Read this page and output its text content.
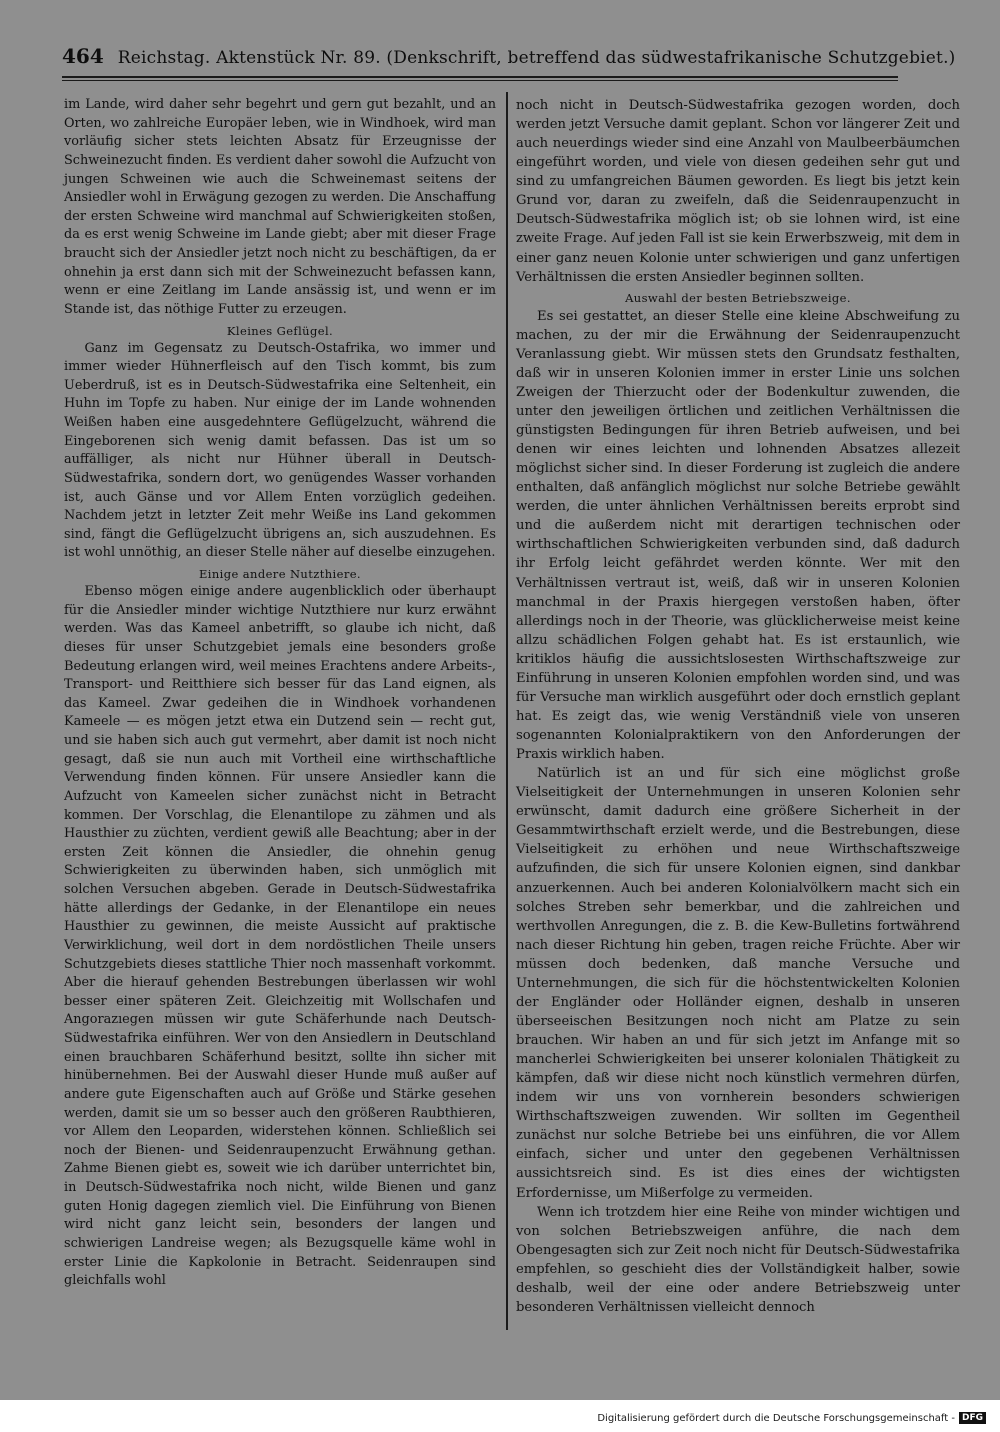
464 Reichstag. Aktenstück Nr. 89. (Denkschrift, betreffend das südwestafrikanische Schutzgebiet.)

im Lande, wird daher sehr begehrt und gern gut bezahlt, und an Orten, wo zahlreiche Europäer leben, wie in Windhoek, wird man vorläufig sicher stets leichten Absatz für Erzeugnisse der Schweinezucht finden. Es verdient daher sowohl die Aufzucht von jungen Schweinen wie auch die Schweinemast seitens der Ansiedler wohl in Erwägung gezogen zu werden. Die Anschaffung der ersten Schweine wird manchmal auf Schwierigkeiten stoßen, da es erst wenig Schweine im Lande giebt; aber mit dieser Frage braucht sich der Ansiedler jetzt noch nicht zu beschäftigen, da er ohnehin ja erst dann sich mit der Schweinezucht befassen kann, wenn er eine Zeitlang im Lande ansässig ist, und wenn er im Stande ist, das nöthige Futter zu erzeugen.

Kleines Geflügel.

Ganz im Gegensatz zu Deutsch-Ostafrika, wo immer und immer wieder Hühnerfleisch auf den Tisch kommt, bis zum Ueberdruß, ist es in Deutsch-Südwestafrika eine Seltenheit, ein Huhn im Topfe zu haben. Nur einige der im Lande wohnenden Weißen haben eine ausgedehntere Geflügelzucht, während die Eingeborenen sich wenig damit befassen. Das ist um so auffälliger, als nicht nur Hühner überall in Deutsch-Südwestafrika, sondern dort, wo genügendes Wasser vorhanden ist, auch Gänse und vor Allem Enten vorzüglich gedeihen. Nachdem jetzt in letzter Zeit mehr Weiße ins Land gekommen sind, fängt die Geflügelzucht übrigens an, sich auszudehnen. Es ist wohl unnöthig, an dieser Stelle näher auf dieselbe einzugehen.

Einige andere Nutzthiere.

Ebenso mögen einige andere augenblicklich oder überhaupt für die Ansiedler minder wichtige Nutzthiere nur kurz erwähnt werden. Was das Kameel anbetrifft, so glaube ich nicht, daß dieses für unser Schutzgebiet jemals eine besonders große Bedeutung erlangen wird, weil meines Erachtens andere Arbeits-, Transport- und Reitthiere sich besser für das Land eignen, als das Kameel. Zwar gedeihen die in Windhoek vorhandenen Kameele — es mögen jetzt etwa ein Dutzend sein — recht gut, und sie haben sich auch gut vermehrt, aber damit ist noch nicht gesagt, daß sie nun auch mit Vortheil eine wirthschaftliche Verwendung finden können. Für unsere Ansiedler kann die Aufzucht von Kameelen sicher zunächst nicht in Betracht kommen. Der Vorschlag, die Elenantilope zu zähmen und als Hausthier zu züchten, verdient gewiß alle Beachtung; aber in der ersten Zeit können die Ansiedler, die ohnehin genug Schwierigkeiten zu überwinden haben, sich unmöglich mit solchen Versuchen abgeben. Gerade in Deutsch-Südwestafrika hätte allerdings der Gedanke, in der Elenantilope ein neues Hausthier zu gewinnen, die meiste Aussicht auf praktische Verwirklichung, weil dort in dem nordöstlichen Theile unsers Schutzgebiets dieses stattliche Thier noch massenhaft vorkommt. Aber die hierauf gehenden Bestrebungen überlassen wir wohl besser einer späteren Zeit. Gleichzeitig mit Wollschafen und Angorazıegen müssen wir gute Schäferhunde nach Deutsch-Südwestafrika einführen. Wer von den Ansiedlern in Deutschland einen brauchbaren Schäferhund besitzt, sollte ihn sicher mit hinübernehmen. Bei der Auswahl dieser Hunde muß außer auf andere gute Eigenschaften auch auf Größe und Stärke gesehen werden, damit sie um so besser auch den größeren Raubthieren, vor Allem den Leoparden, widerstehen können. Schließlich sei noch der Bienen- und Seidenraupenzucht Erwähnung gethan. Zahme Bienen giebt es, soweit wie ich darüber unterrichtet bin, in Deutsch-Südwestafrika noch nicht, wilde Bienen und ganz guten Honig dagegen ziemlich viel. Die Einführung von Bienen wird nicht ganz leicht sein, besonders der langen und schwierigen Landreise wegen; als Bezugsquelle käme wohl in erster Linie die Kapkolonie in Betracht. Seidenraupen sind gleichfalls wohl

noch nicht in Deutsch-Südwestafrika gezogen worden, doch werden jetzt Versuche damit geplant. Schon vor längerer Zeit und auch neuerdings wieder sind eine Anzahl von Maulbeerbäumchen eingeführt worden, und viele von diesen gedeihen sehr gut und sind zu umfangreichen Bäumen geworden. Es liegt bis jetzt kein Grund vor, daran zu zweifeln, daß die Seidenraupenzucht in Deutsch-Südwestafrika möglich ist; ob sie lohnen wird, ist eine zweite Frage. Auf jeden Fall ist sie kein Erwerbszweig, mit dem in einer ganz neuen Kolonie unter schwierigen und ganz unfertigen Verhältnissen die ersten Ansiedler beginnen sollten.

Auswahl der besten Betriebszweige.

Es sei gestattet, an dieser Stelle eine kleine Abschweifung zu machen, zu der mir die Erwähnung der Seidenraupenzucht Veranlassung giebt. Wir müssen stets den Grundsatz festhalten, daß wir in unseren Kolonien immer in erster Linie uns solchen Zweigen der Thierzucht oder der Bodenkultur zuwenden, die unter den jeweiligen örtlichen und zeitlichen Verhältnissen die günstigsten Bedingungen für ihren Betrieb aufweisen, und bei denen wir eines leichten und lohnenden Absatzes allezeit möglichst sicher sind. In dieser Forderung ist zugleich die andere enthalten, daß anfänglich möglichst nur solche Betriebe gewählt werden, die unter ähnlichen Verhältnissen bereits erprobt sind und die außerdem nicht mit derartigen technischen oder wirthschaftlichen Schwierigkeiten verbunden sind, daß dadurch ihr Erfolg leicht gefährdet werden könnte. Wer mit den Verhältnissen vertraut ist, weiß, daß wir in unseren Kolonien manchmal in der Praxis hiergegen verstoßen haben, öfter allerdings noch in der Theorie, was glücklicherweise meist keine allzu schädlichen Folgen gehabt hat. Es ist erstaunlich, wie kritiklos häufig die aussichtslosesten Wirthschaftszweige zur Einführung in unseren Kolonien empfohlen worden sind, und was für Versuche man wirklich ausgeführt oder doch ernstlich geplant hat. Es zeigt das, wie wenig Verständniß viele von unseren sogenannten Kolonialpraktikern von den Anforderungen der Praxis wirklich haben.

Natürlich ist an und für sich eine möglichst große Vielseitigkeit der Unternehmungen in unseren Kolonien sehr erwünscht, damit dadurch eine größere Sicherheit in der Gesammtwirthschaft erzielt werde, und die Bestrebungen, diese Vielseitigkeit zu erhöhen und neue Wirthschaftszweige aufzufinden, die sich für unsere Kolonien eignen, sind dankbar anzuerkennen. Auch bei anderen Kolonialvölkern macht sich ein solches Streben sehr bemerkbar, und die zahlreichen und werthvollen Anregungen, die z. B. die Kew-Bulletins fortwährend nach dieser Richtung hin geben, tragen reiche Früchte. Aber wir müssen doch bedenken, daß manche Versuche und Unternehmungen, die sich für die höchstentwickelten Kolonien der Engländer oder Holländer eignen, deshalb in unseren überseeischen Besitzungen noch nicht am Platze zu sein brauchen. Wir haben an und für sich jetzt im Anfange mit so mancherlei Schwierigkeiten bei unserer kolonialen Thätigkeit zu kämpfen, daß wir diese nicht noch künstlich vermehren dürfen, indem wir uns von vornherein besonders schwierigen Wirthschaftszweigen zuwenden. Wir sollten im Gegentheil zunächst nur solche Betriebe bei uns einführen, die vor Allem einfach, sicher und unter den gegebenen Verhältnissen aussichtsreich sind. Es ist dies eines der wichtigsten Erfordernisse, um Mißerfolge zu vermeiden.

Wenn ich trotzdem hier eine Reihe von minder wichtigen und von solchen Betriebszweigen anführe, die nach dem Obengesagten sich zur Zeit noch nicht für Deutsch-Südwestafrika empfehlen, so geschieht dies der Vollständigkeit halber, sowie deshalb, weil der eine oder andere Betriebszweig unter besonderen Verhältnissen vielleicht dennoch

Digitalisierung gefördert durch die Deutsche Forschungsgemeinschaft - DFG
